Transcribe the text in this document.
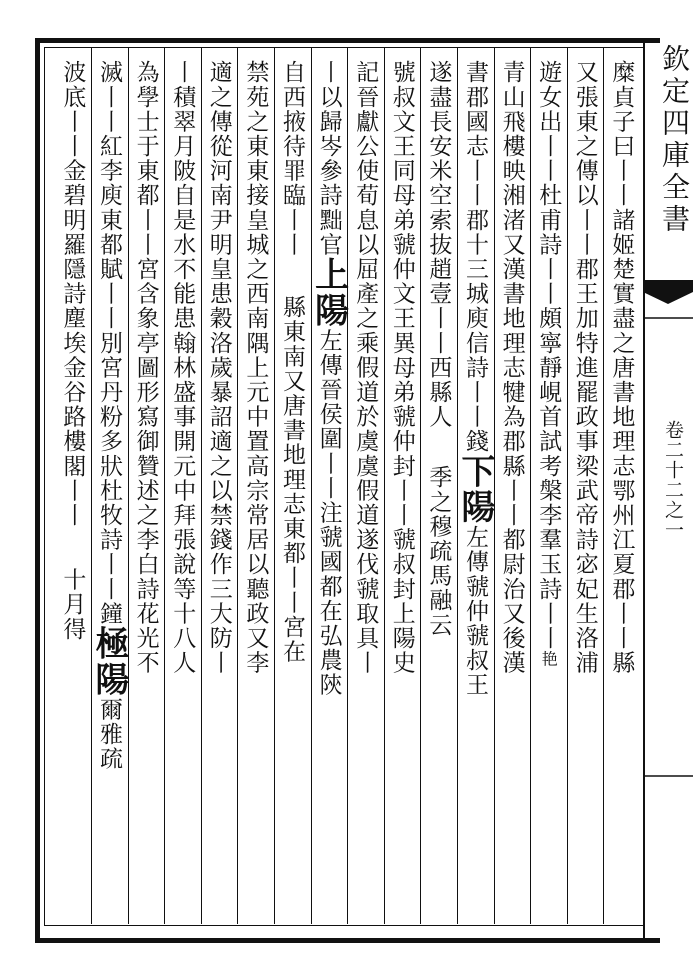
欽定四庫全書
卷二十二之一
糜貞子曰丨丨諸姬楚實盡之唐書地理志鄂州江夏郡丨丨縣
又張東之傳以丨丨郡王加特進罷政事梁武帝詩宓妃生洛浦
遊女出丨丨杜甫詩丨丨頗寧靜峴首試考槃李羣玉詩丨丨艳
青山飛樓映湘渚又漢書地理志犍為郡縣丨丨都尉治又後漢
書郡國志丨丨郡十三城庾信詩丨丨錢下陽左傳虢仲虢叔王
遂盡長安米空索抜趙壹丨丨西縣人季之穆疏馬融云
號叔文王同母弟虢仲文王異母弟虢仲封丨丨虢叔封上陽史
記晉獻公使荀息以屈產之乘假道於虞虞假道遂伐虢取具丨
丨以歸岑參詩黜官上陽左傳晉侯圍丨丨注虢國都在弘農陝
自西掖待罪臨丨丨縣東南又唐書地理志東都丨丨宮在
禁苑之東東接皇城之西南隅上元中置高宗常居以聽政又李
適之傳從河南尹明皇患穀洛歲暴詔適之以禁錢作三大防丨
丨積翠月陂自是水不能患翰林盛事開元中拜張說等十八人
為學士于東都丨丨宮含象亭圖形寫御贊述之李白詩花光不
滅丨丨紅李庾東都賦丨丨別宮丹粉多狀杜牧詩丨丨鐘極陽爾雅疏
波底丨丨金碧明羅隱詩塵埃金谷路樓閣丨丨十月得
